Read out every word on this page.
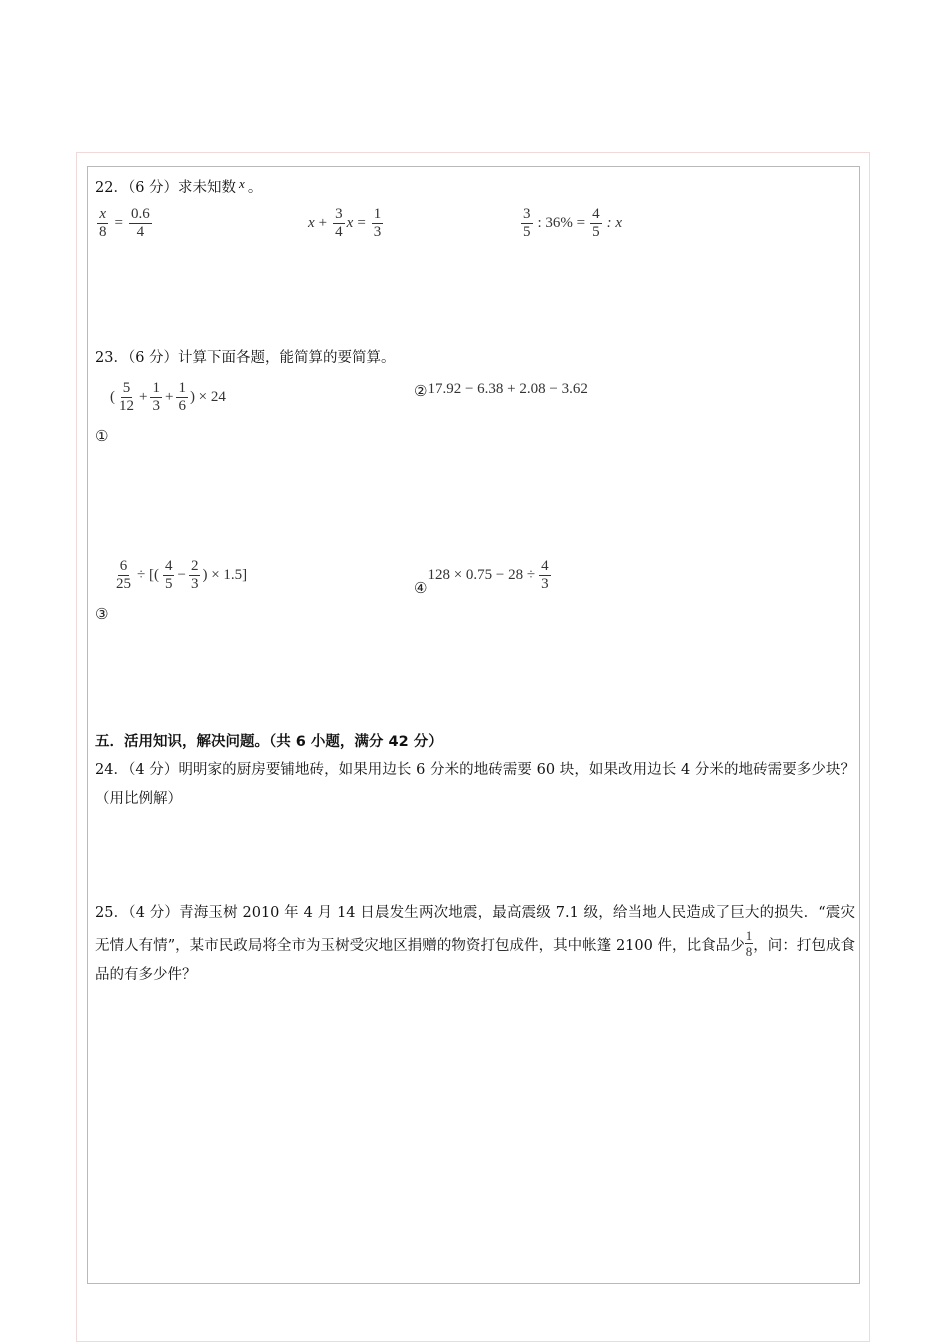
22．（6 分）求未知数 x 。
$\frac{x}{8} = \frac{0.6}{4}$	$x + \frac{3}{4}$ $x = \frac{1}{3}$	$\frac{3}{5}$ : $36\% = \frac{4}{5}$ : x
23．（6 分）计算下面各题，能简算的要简算。
( $\frac{5}{12} + \frac{1}{3} + \frac{1}{6}$ ) × 24
①
②17.92 − 6.38 + 2.08 − 3.62
$\frac{6}{25}$ ÷ [( $\frac{4}{5} - \frac{2}{3}$ ) × 1.5]
③
④
$128 \times 0.75 - 28 \div \frac{4}{3}$
五．活用知识，解决问题。（共 6 小题，满分 42 分）
24．（4 分）明明家的厨房要铺地砖，如果用边长 6 分米的地砖需要 60 块，如果改用边长 4 分米的地砖需要多少块？（用比例解）
25．（4 分）青海玉树 2010 年 4 月 14 日晨发生两次地震，最高震级 7.1 级，给当地人民造成了巨大的损失．“震灾无情人有情”，某市民政局将全市为玉树受灾地区捐赠的物资打包成件，其中帐篷 2100 件，比食品少 $\frac{1}{8}$ ，问：打包成食品的有多少件？
